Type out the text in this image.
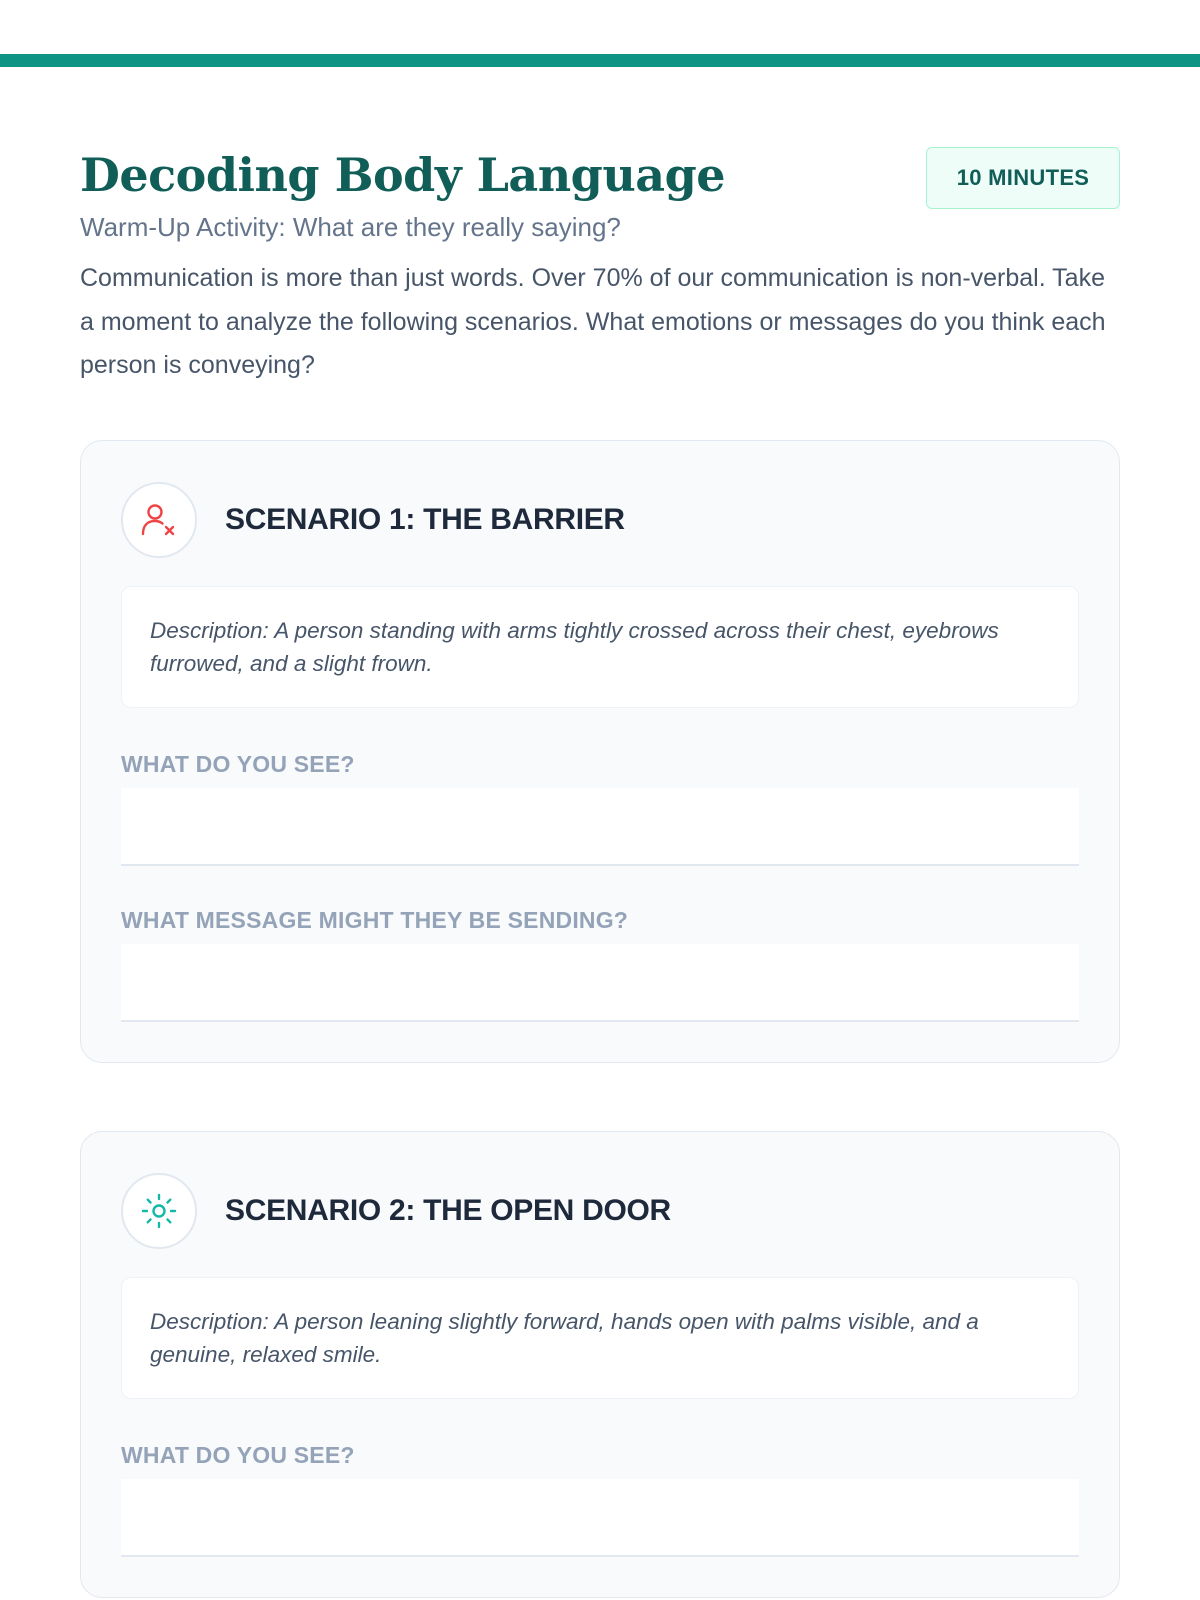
Decoding Body Language
Warm-Up Activity: What are they really saying?
10 MINUTES

Communication is more than just words. Over 70% of our communication is non-verbal. Take a moment to analyze the following scenarios. What emotions or messages do you think each person is conveying?

SCENARIO 1: THE BARRIER
Description: A person standing with arms tightly crossed across their chest, eyebrows furrowed, and a slight frown.
WHAT DO YOU SEE?
WHAT MESSAGE MIGHT THEY BE SENDING?
SCENARIO 2: THE OPEN DOOR
Description: A person leaning slightly forward, hands open with palms visible, and a genuine, relaxed smile.
WHAT DO YOU SEE?
